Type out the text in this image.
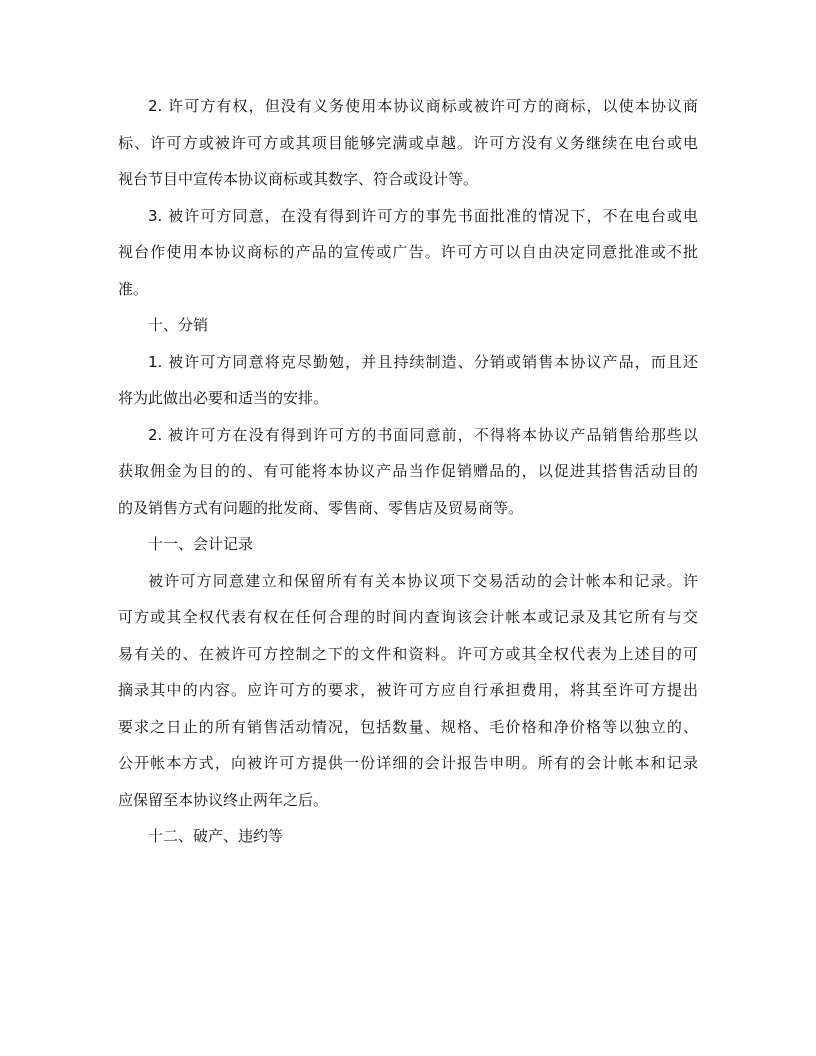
2. 许可方有权，但没有义务使用本协议商标或被许可方的商标，以使本协议商
标、许可方或被许可方或其项目能够完满或卓越。许可方没有义务继续在电台或电
视台节目中宣传本协议商标或其数字、符合或设计等。
3. 被许可方同意，在没有得到许可方的事先书面批准的情况下，不在电台或电
视台作使用本协议商标的产品的宣传或广告。许可方可以自由决定同意批准或不批
准。
十、分销
1. 被许可方同意将克尽勤勉，并且持续制造、分销或销售本协议产品，而且还
将为此做出必要和适当的安排。
2. 被许可方在没有得到许可方的书面同意前，不得将本协议产品销售给那些以
获取佣金为目的的、有可能将本协议产品当作促销赠品的，以促进其搭售活动目的
的及销售方式有问题的批发商、零售商、零售店及贸易商等。
十一、会计记录
被许可方同意建立和保留所有有关本协议项下交易活动的会计帐本和记录。许
可方或其全权代表有权在任何合理的时间内查询该会计帐本或记录及其它所有与交
易有关的、在被许可方控制之下的文件和资料。许可方或其全权代表为上述目的可
摘录其中的内容。应许可方的要求，被许可方应自行承担费用，将其至许可方提出
要求之日止的所有销售活动情况，包括数量、规格、毛价格和净价格等以独立的、
公开帐本方式，向被许可方提供一份详细的会计报告申明。所有的会计帐本和记录
应保留至本协议终止两年之后。
十二、破产、违约等
